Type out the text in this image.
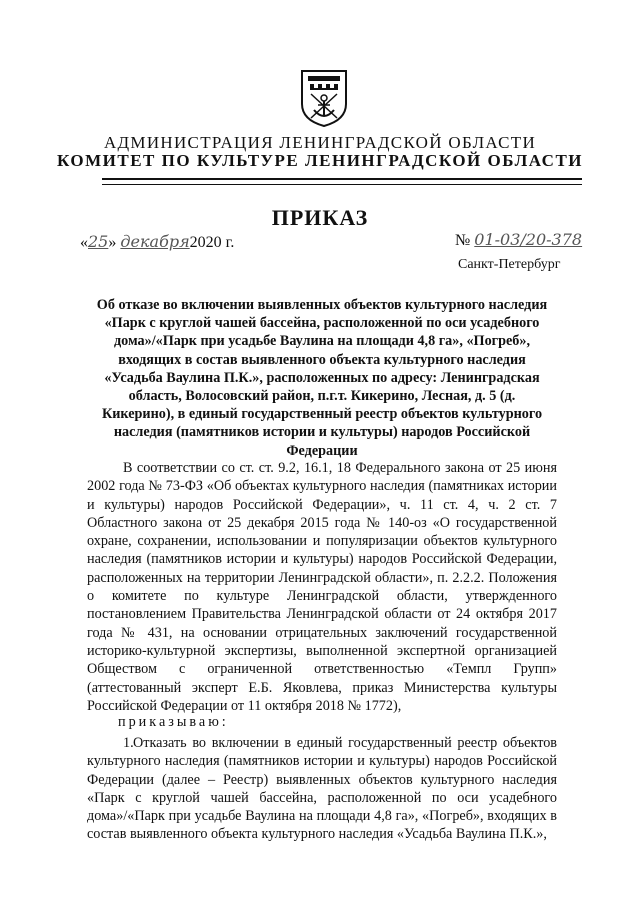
АДМИНИСТРАЦИЯ ЛЕНИНГРАДСКОЙ ОБЛАСТИ
КОМИТЕТ ПО КУЛЬТУРЕ ЛЕНИНГРАДСКОЙ ОБЛАСТИ
ПРИКАЗ
«25» декабря2020 г.	№ 01-03/20-378
Санкт-Петербург
Об отказе во включении выявленных объектов культурного наследия «Парк с круглой чашей бассейна, расположенной по оси усадебного дома»/«Парк при усадьбе Ваулина на площади 4,8 га», «Погреб», входящих в состав выявленного объекта культурного наследия «Усадьба Ваулина П.К.», расположенных по адресу: Ленинградская область, Волосовский район, п.г.т. Кикерино, Лесная, д. 5 (д. Кикерино), в единый государственный реестр объектов культурного наследия (памятников истории и культуры) народов Российской Федерации
В соответствии со ст. ст. 9.2, 16.1, 18 Федерального закона от 25 июня 2002 года № 73-ФЗ «Об объектах культурного наследия (памятниках истории и культуры) народов Российской Федерации», ч. 11 ст. 4, ч. 2 ст. 7 Областного закона от 25 декабря 2015 года № 140-оз «О государственной охране, сохранении, использовании и популяризации объектов культурного наследия (памятников истории и культуры) народов Российской Федерации, расположенных на территории Ленинградской области», п. 2.2.2. Положения о комитете по культуре Ленинградской области, утвержденного постановлением Правительства Ленинградской области от 24 октября 2017 года № 431, на основании отрицательных заключений государственной историко-культурной экспертизы, выполненной экспертной организацией Обществом с ограниченной ответственностью «Темпл Групп» (аттестованный эксперт Е.Б. Яковлева, приказ Министерства культуры Российской Федерации от 11 октября 2018 № 1772),
приказываю:
1.Отказать во включении в единый государственный реестр объектов культурного наследия (памятников истории и культуры) народов Российской Федерации (далее – Реестр) выявленных объектов культурного наследия «Парк с круглой чашей бассейна, расположенной по оси усадебного дома»/«Парк при усадьбе Ваулина на площади 4,8 га», «Погреб», входящих в состав выявленного объекта культурного наследия «Усадьба Ваулина П.К.»,
